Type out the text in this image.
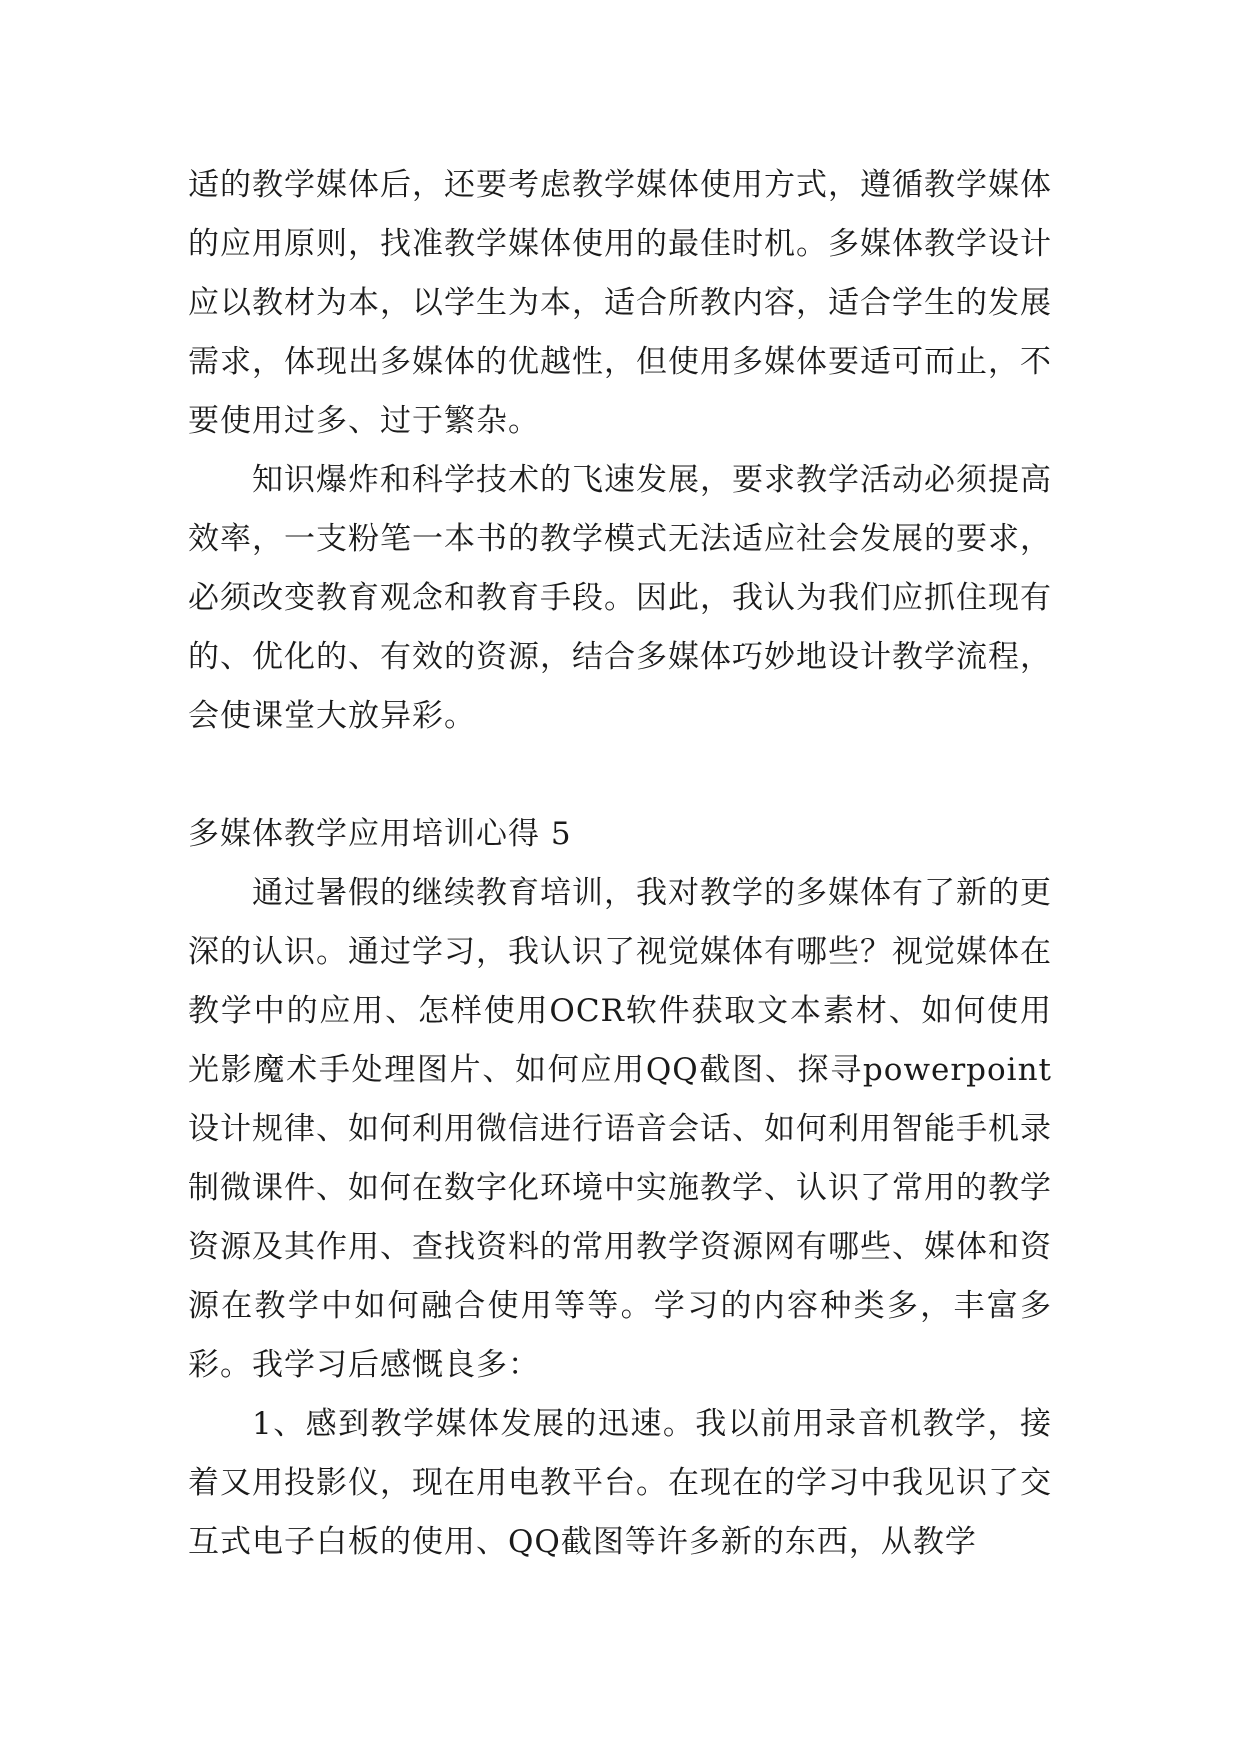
适的教学媒体后，还要考虑教学媒体使用方式，遵循教学媒体的应用原则，找准教学媒体使用的最佳时机。多媒体教学设计应以教材为本，以学生为本，适合所教内容，适合学生的发展需求，体现出多媒体的优越性，但使用多媒体要适可而止，不要使用过多、过于繁杂。

知识爆炸和科学技术的飞速发展，要求教学活动必须提高效率，一支粉笔一本书的教学模式无法适应社会发展的要求，必须改变教育观念和教育手段。因此，我认为我们应抓住现有的、优化的、有效的资源，结合多媒体巧妙地设计教学流程，会使课堂大放异彩。

多媒体教学应用培训心得 5

通过暑假的继续教育培训，我对教学的多媒体有了新的更深的认识。通过学习，我认识了视觉媒体有哪些？视觉媒体在教学中的应用、怎样使用OCR软件获取文本素材、如何使用光影魔术手处理图片、如何应用QQ截图、探寻powerpoint设计规律、如何利用微信进行语音会话、如何利用智能手机录制微课件、如何在数字化环境中实施教学、认识了常用的教学资源及其作用、查找资料的常用教学资源网有哪些、媒体和资源在教学中如何融合使用等等。学习的内容种类多，丰富多彩。我学习后感慨良多：

1、感到教学媒体发展的迅速。我以前用录音机教学，接着又用投影仪，现在用电教平台。在现在的学习中我见识了交互式电子白板的使用、QQ截图等许多新的东西，从教学
